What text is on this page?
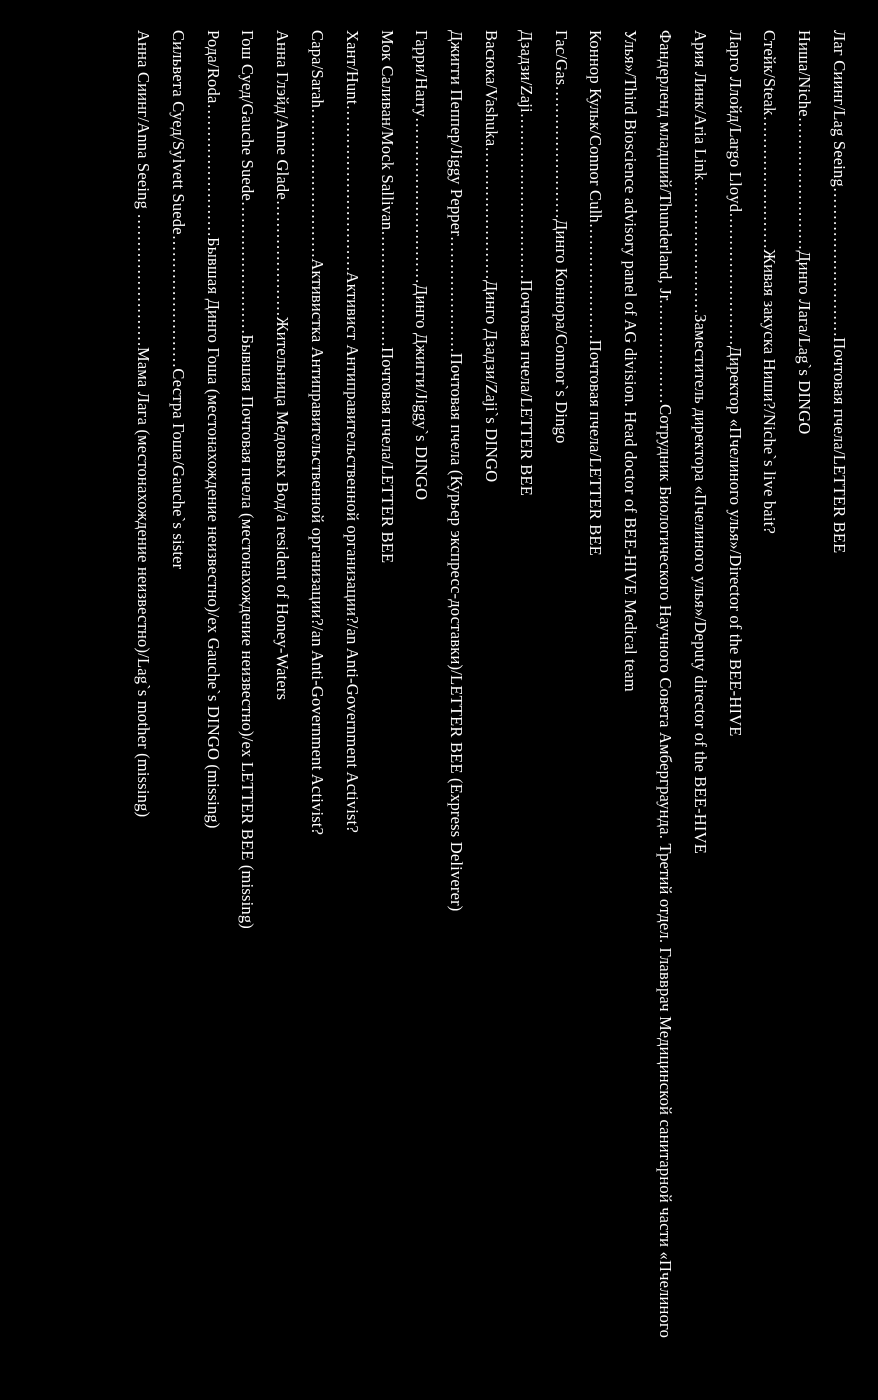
Лаг Сиинг/Lag Seeing………………………Почтовая пчела/LETTER BEE
Ниша/Niche……………………Динго Лага/Lag`s DINGO
Стейк/Steak……………………Живая закуска Ниши?/Niche`s live bait?
Ларго Ллойд/Largo Lloyd……………………Директор «Пчелиного улья»/Director of the BEE-HIVE
Ария Линк/Aria Link……………………Заместитель директора «Пчелиного улья»/Deputy director of the BEE-HIVE
Фандерленд младший/Thunderland, Jr.………………Сотрудник Биологического Научного Совета Амберграунда. Третий отдел. Главврач Медицинской санитарной части «Пчелиного Улья»/Third Bioscience advisory panel of AG division. Head doctor of BEE-HIVE Medical team
Коннор Кульк/Connor Culh…………………Почтовая пчела/LETTER BEE
Гас/Gas……………………Динго Коннора/Connor`s Dingo
Дзадзи/Zaji…………………………Почтовая пчела/LETTER BEE
Васюка/Vashuka……………………Динго Дзадзи/Zaji`s DINGO
Джигги Пеппер/Jiggy Pepper…………………Почтовая пчела (Курьер экспресс-доставки)/LETTER BEE (Express Deliverer)
Гарри/Harry…………………………Динго Джигги/Jiggy`s DINGO
Мок Саливан/Mock Sallivan…………………Почтовая пчела/LETTER BEE
Хант/Hunt…………………………Активист Антиправительственной организации?/an Anti-Government Activist?
Сара/Sarah………………………Активистка Антиправительственной организации?/an Anti-Government Activist?
Анна Глэйд/Anne Glade…………………Жительница Медовых Вод/a resident of Honey-Waters
Гош Суед/Gauche Suede……………………Бывшая Почтовая пчела (местонахождение неизвестно)/ex LETTER BEE (missing)
Рода/Roda……………………Бывшая Динго Гоша (местонахождение неизвестно)/ex Gauche`s DINGO (missing)
Сильвета Суед/Sylvett Suede……………………Сестра Гоша/Gauche`s sister
Анна Сиинг/Anna Seeing ……………………Мама Лага (местонахождение неизвестно)/Lag`s mother (missing)
